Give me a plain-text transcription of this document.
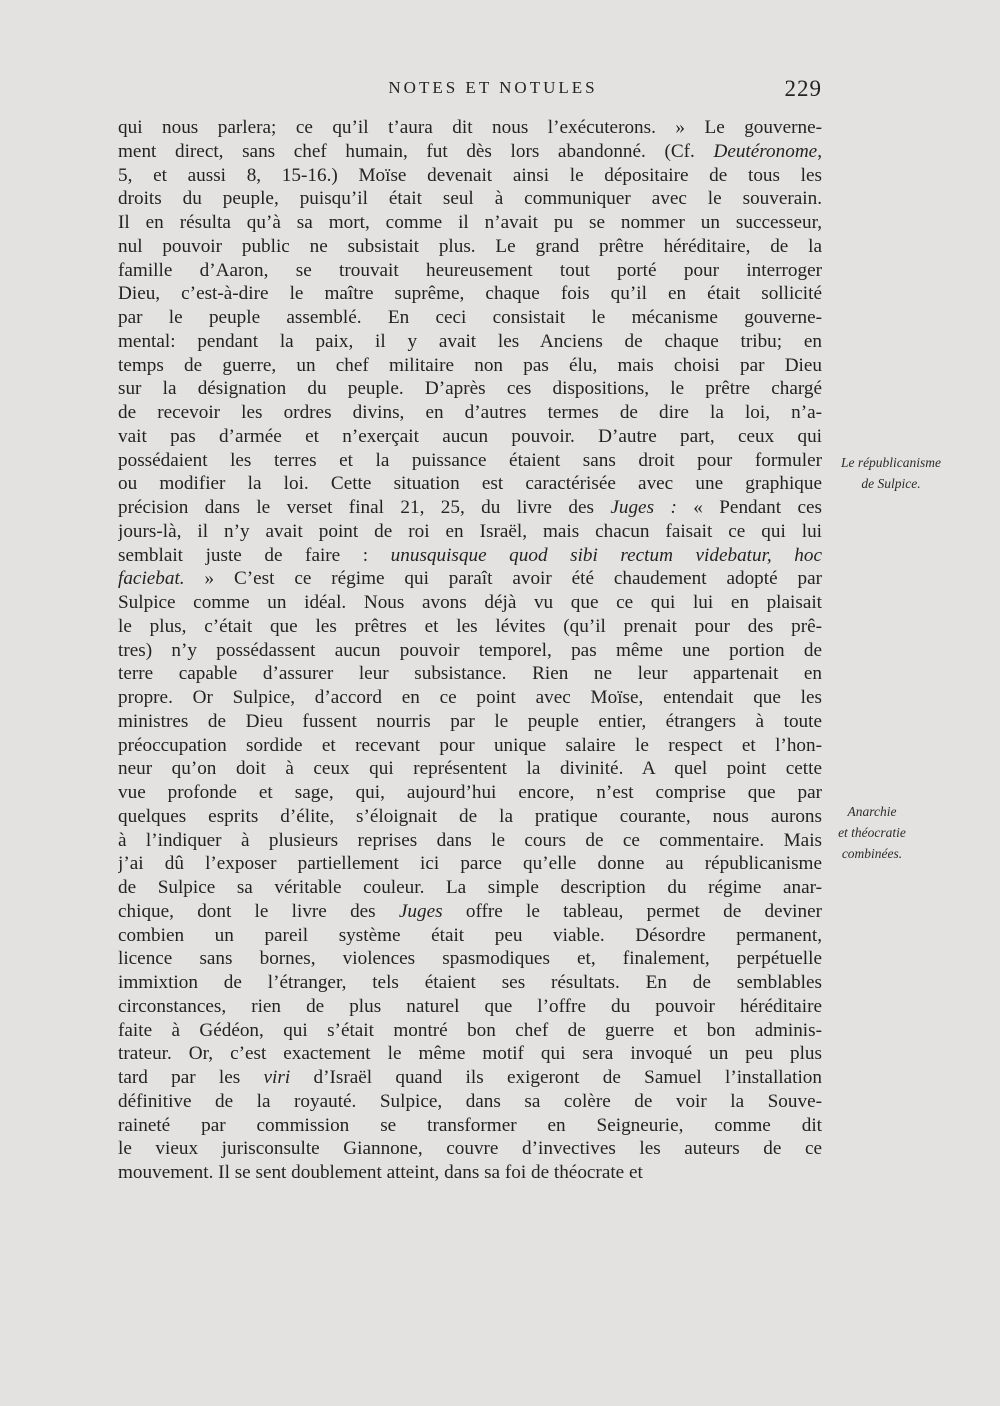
NOTES ET NOTULES	229
qui nous parlera; ce qu’il t’aura dit nous l’exécuterons. » Le gouverne-
ment direct, sans chef humain, fut dès lors abandonné. (Cf. Deutéronome,
5, et aussi 8, 15-16.) Moïse devenait ainsi le dépositaire de tous les
droits du peuple, puisqu’il était seul à communiquer avec le souverain.
Il en résulta qu’à sa mort, comme il n’avait pu se nommer un successeur,
nul pouvoir public ne subsistait plus. Le grand prêtre héréditaire, de la
famille d’Aaron, se trouvait heureusement tout porté pour interroger
Dieu, c’est-à-dire le maître suprême, chaque fois qu’il en était sollicité
par le peuple assemblé. En ceci consistait le mécanisme gouverne-
mental: pendant la paix, il y avait les Anciens de chaque tribu; en
temps de guerre, un chef militaire non pas élu, mais choisi par Dieu
sur la désignation du peuple. D’après ces dispositions, le prêtre chargé
de recevoir les ordres divins, en d’autres termes de dire la loi, n’a-
vait pas d’armée et n’exerçait aucun pouvoir. D’autre part, ceux qui
possédaient les terres et la puissance étaient sans droit pour formuler
ou modifier la loi. Cette situation est caractérisée avec une graphique
précision dans le verset final 21, 25, du livre des Juges : « Pendant ces
jours-là, il n’y avait point de roi en Israël, mais chacun faisait ce qui lui
semblait juste de faire : unusquisque quod sibi rectum videbatur, hoc
faciebat. » C’est ce régime qui paraît avoir été chaudement adopté par
Sulpice comme un idéal. Nous avons déjà vu que ce qui lui en plaisait
le plus, c’était que les prêtres et les lévites (qu’il prenait pour des prê-
tres) n’y possédassent aucun pouvoir temporel, pas même une portion de
terre capable d’assurer leur subsistance. Rien ne leur appartenait en
propre. Or Sulpice, d’accord en ce point avec Moïse, entendait que les
ministres de Dieu fussent nourris par le peuple entier, étrangers à toute
préoccupation sordide et recevant pour unique salaire le respect et l’hon-
neur qu’on doit à ceux qui représentent la divinité. A quel point cette
vue profonde et sage, qui, aujourd’hui encore, n’est comprise que par
quelques esprits d’élite, s’éloignait de la pratique courante, nous aurons
à l’indiquer à plusieurs reprises dans le cours de ce commentaire. Mais
j’ai dû l’exposer partiellement ici parce qu’elle donne au républicanisme
de Sulpice sa véritable couleur. La simple description du régime anar-
chique, dont le livre des Juges offre le tableau, permet de deviner
combien un pareil système était peu viable. Désordre permanent,
licence sans bornes, violences spasmodiques et, finalement, perpétuelle
immixtion de l’étranger, tels étaient ses résultats. En de semblables
circonstances, rien de plus naturel que l’offre du pouvoir héréditaire
faite à Gédéon, qui s’était montré bon chef de guerre et bon adminis-
trateur. Or, c’est exactement le même motif qui sera invoqué un peu plus
tard par les viri d’Israël quand ils exigeront de Samuel l’installation
définitive de la royauté. Sulpice, dans sa colère de voir la Souve-
raineté par commission se transformer en Seigneurie, comme dit
le vieux jurisconsulte Giannone, couvre d’invectives les auteurs de ce
mouvement. Il se sent doublement atteint, dans sa foi de théocrate et
Le républicanisme
de Sulpice.
Anarchie
et théocratie
combinées.
